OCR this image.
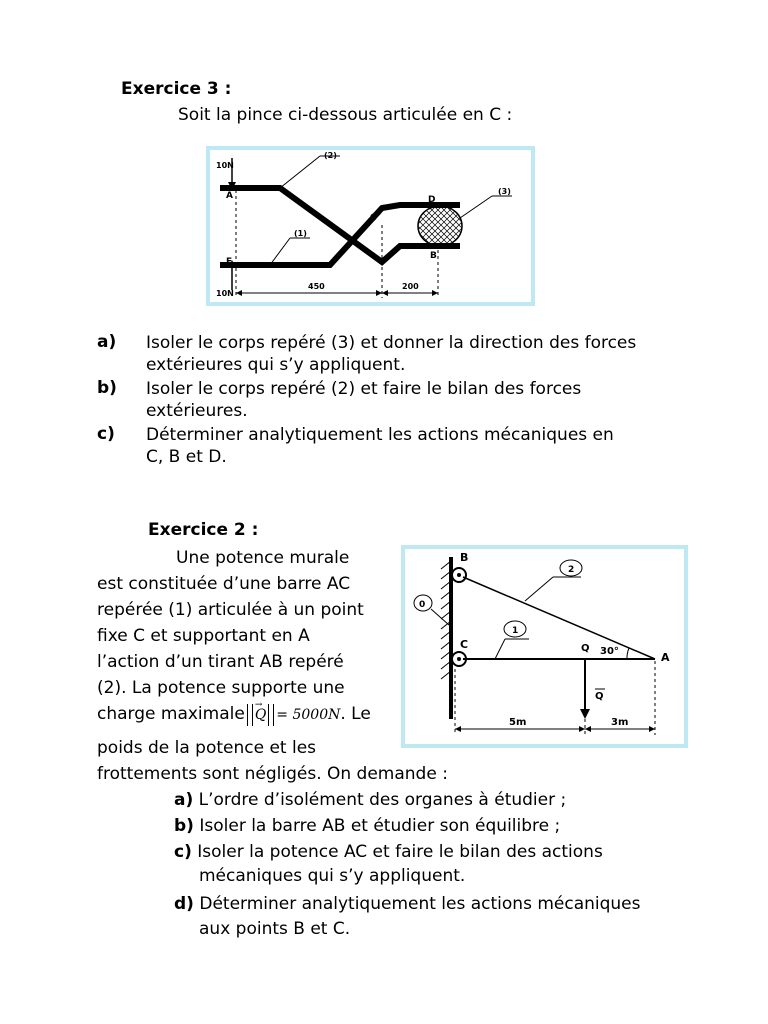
Exercice 3 :
Soit la pince ci-dessous articulée en C :
10N
10N
A
E
C
D
B
(2)
(1)
(3)
450	200
a) Isoler le corps repéré (3) et donner la direction des forces
extérieures qui s’y appliquent.
b) Isoler le corps repéré (2) et faire le bilan des forces
extérieures.
c) Déterminer analytiquement les actions mécaniques en
C, B et D.
Exercice 2 :
Une potence murale
est constituée d’une barre AC
repérée (1) articulée à un point
fixe C et supportant en A
l’action d’un tirant AB repéré
(2). La potence supporte une
charge maximale→ Q = 5000N. Le
poids de la potence et les
frottements sont négligés. On demande :
B
C
A
Q
Q
30°
0
1
2
5m	3m
a) L’ordre d’isolément des organes à étudier ;
b) Isoler la barre AB et étudier son équilibre ;
c) Isoler la potence AC et faire le bilan des actions
mécaniques qui s’y appliquent.
d) Déterminer analytiquement les actions mécaniques
aux points B et C.
